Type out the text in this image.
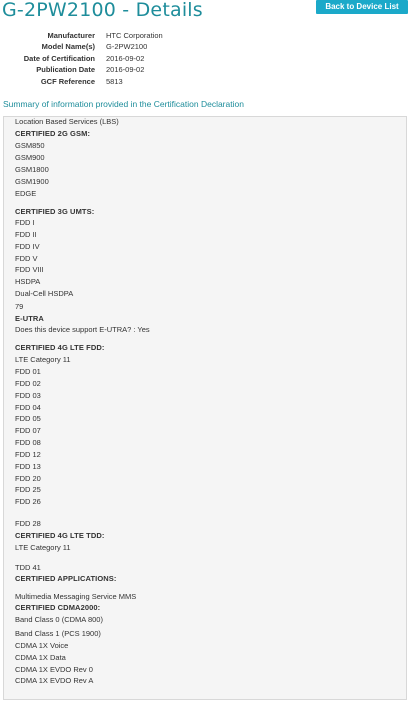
G-2PW2100 - Details	Back to Device List
Manufacturer HTC Corporation
Model Name(s) G-2PW2100
Date of Certification 2016-09-02
Publication Date 2016-09-02
GCF Reference 5813
Summary of information provided in the Certification Declaration
CERTIFIED 2G GSM:
GSM850
GSM900
GSM1800
GSM1900
EDGE
CERTIFIED 3G UMTS:
FDD I
FDD II
FDD IV
FDD V
FDD VIII
HSDPA
Dual-Cell HSDPA
79
E-UTRA
Does this device support E-UTRA? : Yes
CERTIFIED 4G LTE FDD:
LTE Category 11
FDD 01
FDD 02
FDD 03
FDD 04
FDD 05
FDD 07
FDD 08
FDD 12
FDD 13
FDD 20
FDD 25
FDD 26
FDD 28
CERTIFIED 4G LTE TDD:
LTE Category 11
TDD 41
CERTIFIED APPLICATIONS:
Multimedia Messaging Service MMS
CERTIFIED CDMA2000:
Band Class 0 (CDMA 800)
Band Class 1 (PCS 1900)
CDMA 1X Voice
CDMA 1X Data
CDMA 1X EVDO Rev 0
CDMA 1X EVDO Rev A
Location Based Services (LBS)
